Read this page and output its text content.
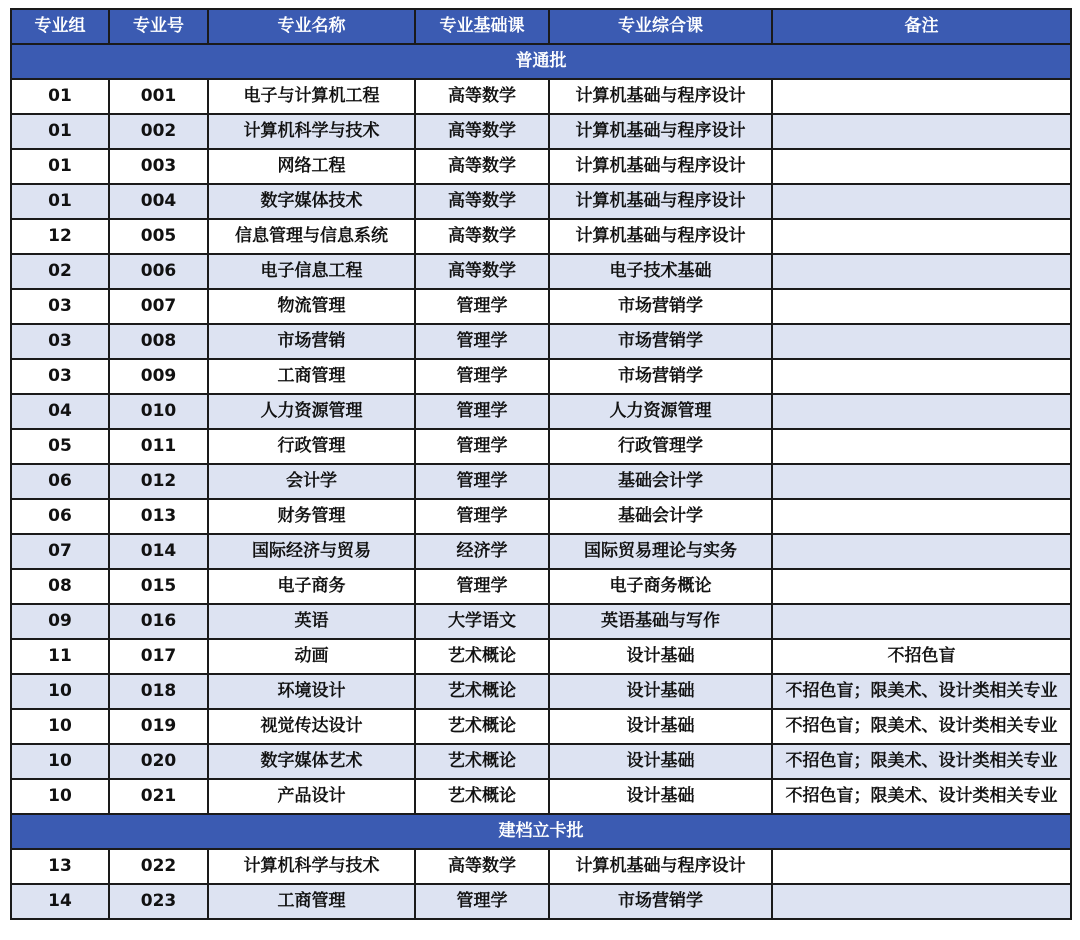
专业组	专业号	专业名称	专业基础课	专业综合课	备注
普通批					
01	001	电子与计算机工程	高等数学	计算机基础与程序设计	
01	002	计算机科学与技术	高等数学	计算机基础与程序设计	
01	003	网络工程	高等数学	计算机基础与程序设计	
01	004	数字媒体技术	高等数学	计算机基础与程序设计	
12	005	信息管理与信息系统	高等数学	计算机基础与程序设计	
02	006	电子信息工程	高等数学	电子技术基础	
03	007	物流管理	管理学	市场营销学	
03	008	市场营销	管理学	市场营销学	
03	009	工商管理	管理学	市场营销学	
04	010	人力资源管理	管理学	人力资源管理	
05	011	行政管理	管理学	行政管理学	
06	012	会计学	管理学	基础会计学	
06	013	财务管理	管理学	基础会计学	
07	014	国际经济与贸易	经济学	国际贸易理论与实务	
08	015	电子商务	管理学	电子商务概论	
09	016	英语	大学语文	英语基础与写作	
11	017	动画	艺术概论	设计基础	不招色盲
10	018	环境设计	艺术概论	设计基础	不招色盲；限美术、设计类相关专业
10	019	视觉传达设计	艺术概论	设计基础	不招色盲；限美术、设计类相关专业
10	020	数字媒体艺术	艺术概论	设计基础	不招色盲；限美术、设计类相关专业
10	021	产品设计	艺术概论	设计基础	不招色盲；限美术、设计类相关专业
建档立卡批					
13	022	计算机科学与技术	高等数学	计算机基础与程序设计	
14	023	工商管理	管理学	市场营销学	
